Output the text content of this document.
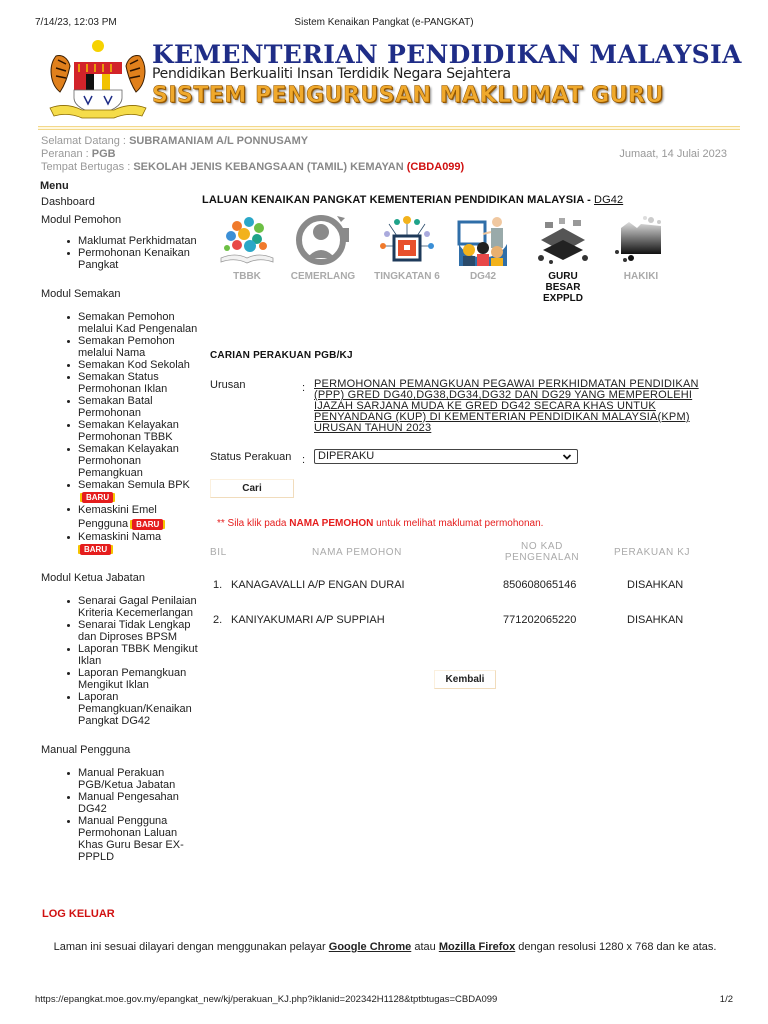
7/14/23, 12:03 PM	Sistem Kenaikan Pangkat (e-PANGKAT)
KEMENTERIAN PENDIDIKAN MALAYSIA
Pendidikan Berkualiti Insan Terdidik Negara Sejahtera
SISTEM PENGURUSAN MAKLUMAT GURU
Selamat Datang : SUBRAMANIAM A/L PONNUSAMY
Peranan : PGB
Tempat Bertugas : SEKOLAH JENIS KEBANGSAAN (TAMIL) KEMAYAN (CBDA099)
Jumaat, 14 Julai 2023
Menu
Dashboard
Modul Pemohon
Maklumat Perkhidmatan
Permohonan Kenaikan Pangkat
Modul Semakan
Semakan Pemohon melalui Kad Pengenalan
Semakan Pemohon melalui Nama
Semakan Kod Sekolah
Semakan Status Permohonan Iklan
Semakan Batal Permohonan
Semakan Kelayakan Permohonan TBBK
Semakan Kelayakan Permohonan Pemangkuan
Semakan Semula BPKBARU
Kemaskini Emel Pengguna BARU
Kemaskini Nama
BARU
Modul Ketua Jabatan
Senarai Gagal Penilaian Kriteria Kecemerlangan
Senarai Tidak Lengkap dan Diproses BPSM
Laporan TBBK Mengikut Iklan
Laporan Pemangkuan Mengikut Iklan
Laporan Pemangkuan/Kenaikan Pangkat DG42
Manual Pengguna
Manual Perakuan PGB/Ketua Jabatan
Manual Pengesahan DG42
Manual Pengguna Permohonan Laluan Khas Guru Besar EX-PPPLD
LOG KELUAR
LALUAN KENAIKAN PANGKAT KEMENTERIAN PENDIDIKAN MALAYSIA - DG42
TBBK	CEMERLANG TINGKATAN 6	DG42	GURU BESAR EXPPLD
HAKIKI
CARIAN PERAKUAN PGB/KJ
Urusan	: PERMOHONAN PEMANGKUAN PEGAWAI PERKHIDMATAN PENDIDIKAN (PPP) GRED DG40,DG38,DG34,DG32 DAN DG29 YANG MEMPEROLEHI IJAZAH SARJANA MUDA KE GRED DG42 SECARA KHAS UNTUK PENYANDANG (KUP) DI KEMENTERIAN PENDIDIKAN MALAYSIA(KPM) URUSAN TAHUN 2023
Status Perakuan :	DIPERAKU
Cari
** Sila klik pada NAMA PEMOHON untuk melihat maklumat permohonan.
BIL	NAMA PEMOHON
NO KAD
PENGENALAN	PERAKUAN KJ
1. KANAGAVALLI A/P ENGAN DURAI	850608065146	DISAHKAN
2. KANIYAKUMARI A/P SUPPIAH	771202065220	DISAHKAN
Kembali
Laman ini sesuai dilayari dengan menggunakan pelayar Google Chrome atau Mozilla Firefox dengan resolusi 1280 x 768 dan ke atas.
https://epangkat.moe.gov.my/epangkat_new/kj/perakuan_KJ.php?iklanid=202342H1128&tptbtugas=CBDA099	1/2
